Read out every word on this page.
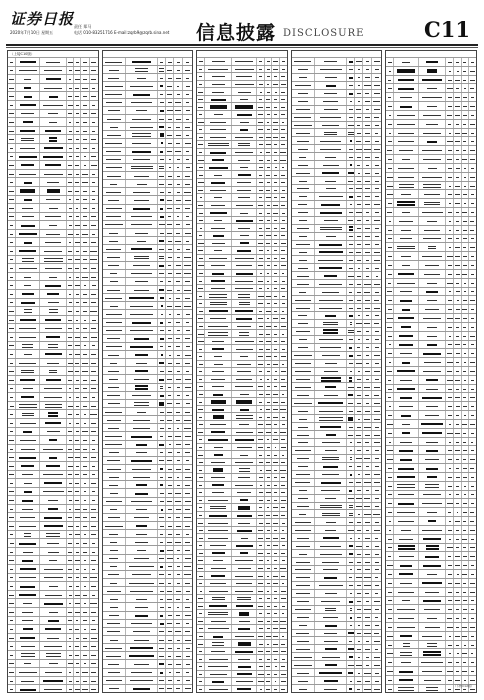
证券日报
2020年7月10日 星期五
责任 郑马
电话 010-83251716 E-mail:zqrb9@zqrb.sina.net 信息披露 DISCLOSURE	C11
（上接C10版）
（下转C12版）
